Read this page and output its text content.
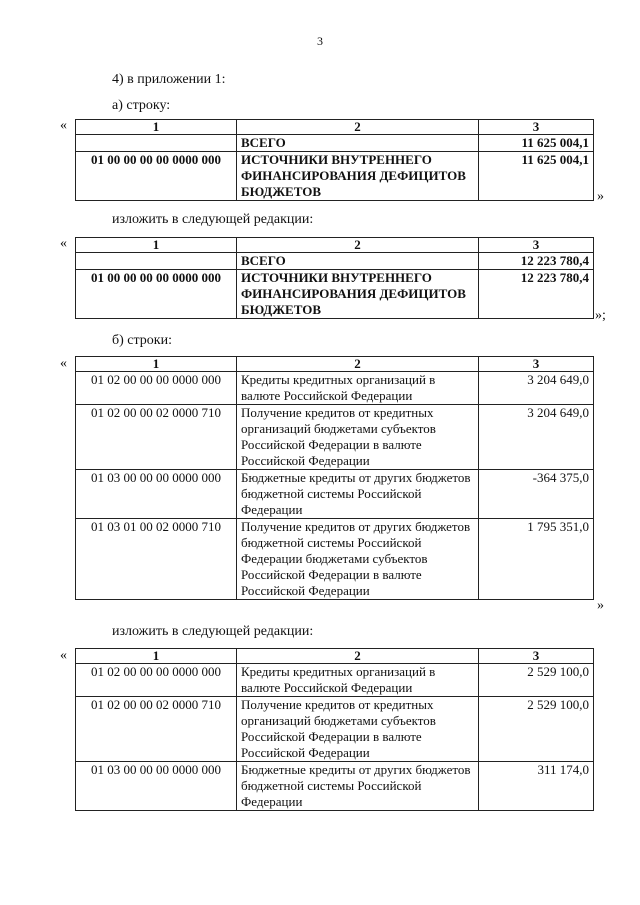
3
4) в приложении 1:
а) строку:
«	1	2	3
	ВСЕГО	11 625 004,1
01 00 00 00 00 0000 000	ИСТОЧНИКИ ВНУТРЕННЕГО ФИНАНСИРОВАНИЯ ДЕФИЦИТОВ БЮДЖЕТОВ	11 625 004,1
»
изложить в следующей редакции:
«	1	2	3
	ВСЕГО	12 223 780,4
01 00 00 00 00 0000 000	ИСТОЧНИКИ ВНУТРЕННЕГО ФИНАНСИРОВАНИЯ ДЕФИЦИТОВ БЮДЖЕТОВ	12 223 780,4
»;
б) строки:
«	1	2	3
01 02 00 00 00 0000 000	Кредиты кредитных организаций в валюте Российской Федерации	3 204 649,0
01 02 00 00 02 0000 710	Получение кредитов от кредитных организаций бюджетами субъектов Российской Федерации в валюте Российской Федерации	3 204 649,0
01 03 00 00 00 0000 000	Бюджетные кредиты от других бюджетов бюджетной системы Российской Федерации	-364 375,0
01 03 01 00 02 0000 710	Получение кредитов от других бюджетов бюджетной системы Российской Федерации бюджетами субъектов Российской Федерации в валюте Российской Федерации	1 795 351,0
»
изложить в следующей редакции:
«	1	2	3
01 02 00 00 00 0000 000	Кредиты кредитных организаций в валюте Российской Федерации	2 529 100,0
01 02 00 00 02 0000 710	Получение кредитов от кредитных организаций бюджетами субъектов Российской Федерации в валюте Российской Федерации	2 529 100,0
01 03 00 00 00 0000 000	Бюджетные кредиты от других бюджетов бюджетной системы Российской Федерации	311 174,0
